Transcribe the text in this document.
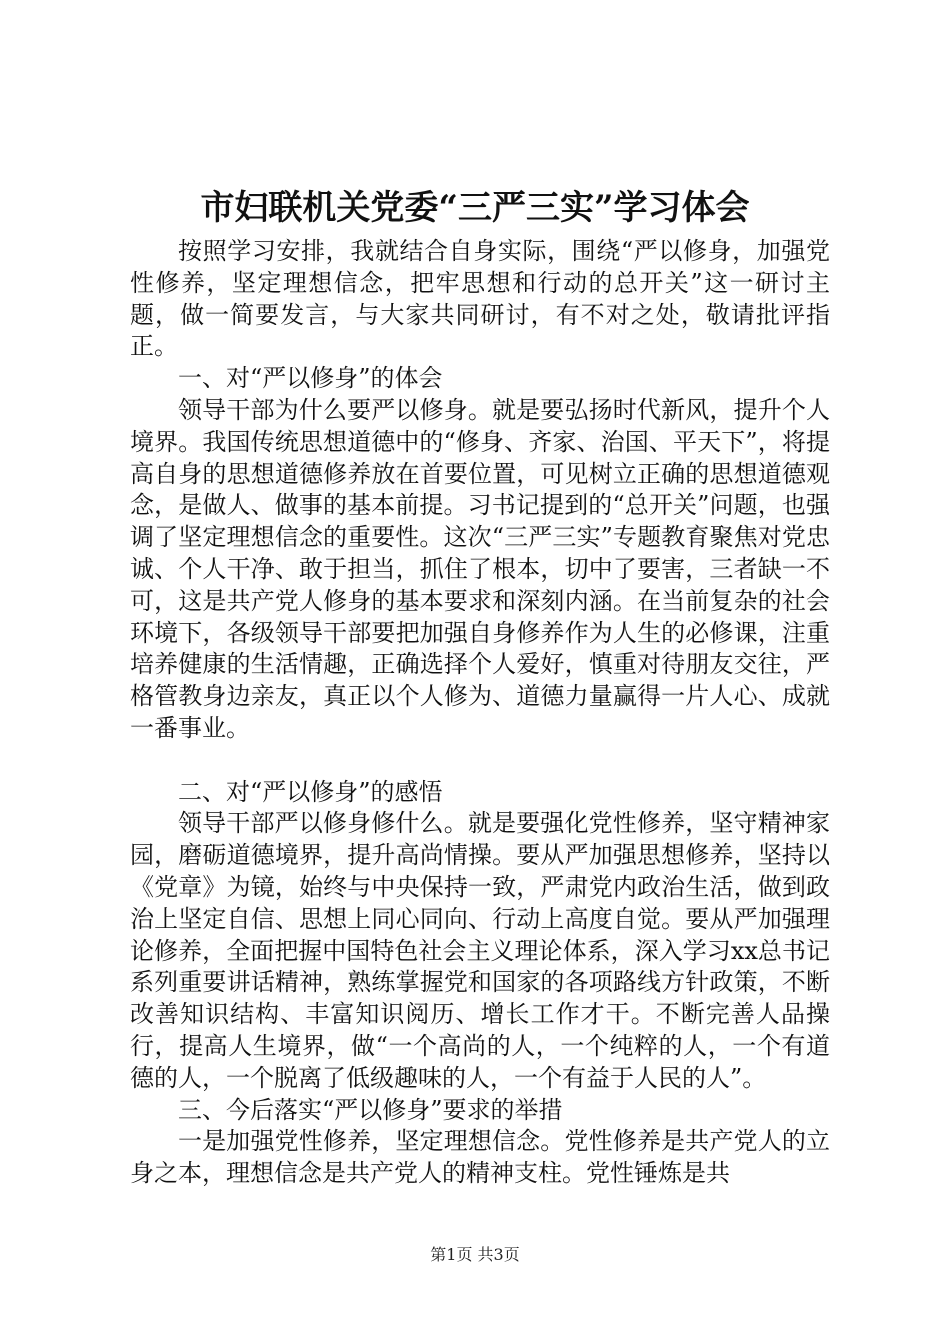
市妇联机关党委“三严三实”学习体会

按照学习安排，我就结合自身实际，围绕“严以修身，加强党性修养，坚定理想信念，把牢思想和行动的总开关”这一研讨主题，做一简要发言，与大家共同研讨，有不对之处，敬请批评指正。

一、对“严以修身”的体会

领导干部为什么要严以修身。就是要弘扬时代新风，提升个人境界。我国传统思想道德中的“修身、齐家、治国、平天下”，将提高自身的思想道德修养放在首要位置，可见树立正确的思想道德观念，是做人、做事的基本前提。习书记提到的“总开关”问题，也强调了坚定理想信念的重要性。这次“三严三实”专题教育聚焦对党忠诚、个人干净、敢于担当，抓住了根本，切中了要害，三者缺一不可，这是共产党人修身的基本要求和深刻内涵。在当前复杂的社会环境下，各级领导干部要把加强自身修养作为人生的必修课，注重培养健康的生活情趣，正确选择个人爱好，慎重对待朋友交往，严格管教身边亲友，真正以个人修为、道德力量赢得一片人心、成就一番事业。

二、对“严以修身”的感悟

领导干部严以修身修什么。就是要强化党性修养，坚守精神家园，磨砺道德境界，提升高尚情操。要从严加强思想修养，坚持以《党章》为镜，始终与中央保持一致，严肃党内政治生活，做到政治上坚定自信、思想上同心同向、行动上高度自觉。要从严加强理论修养，全面把握中国特色社会主义理论体系，深入学习xx总书记系列重要讲话精神，熟练掌握党和国家的各项路线方针政策，不断改善知识结构、丰富知识阅历、增长工作才干。不断完善人品操行，提高人生境界，做“一个高尚的人，一个纯粹的人，一个有道德的人，一个脱离了低级趣味的人，一个有益于人民的人”。

三、今后落实“严以修身”要求的举措

一是加强党性修养，坚定理想信念。党性修养是共产党人的立身之本，理想信念是共产党人的精神支柱。党性锤炼是共

第1页 共3页
